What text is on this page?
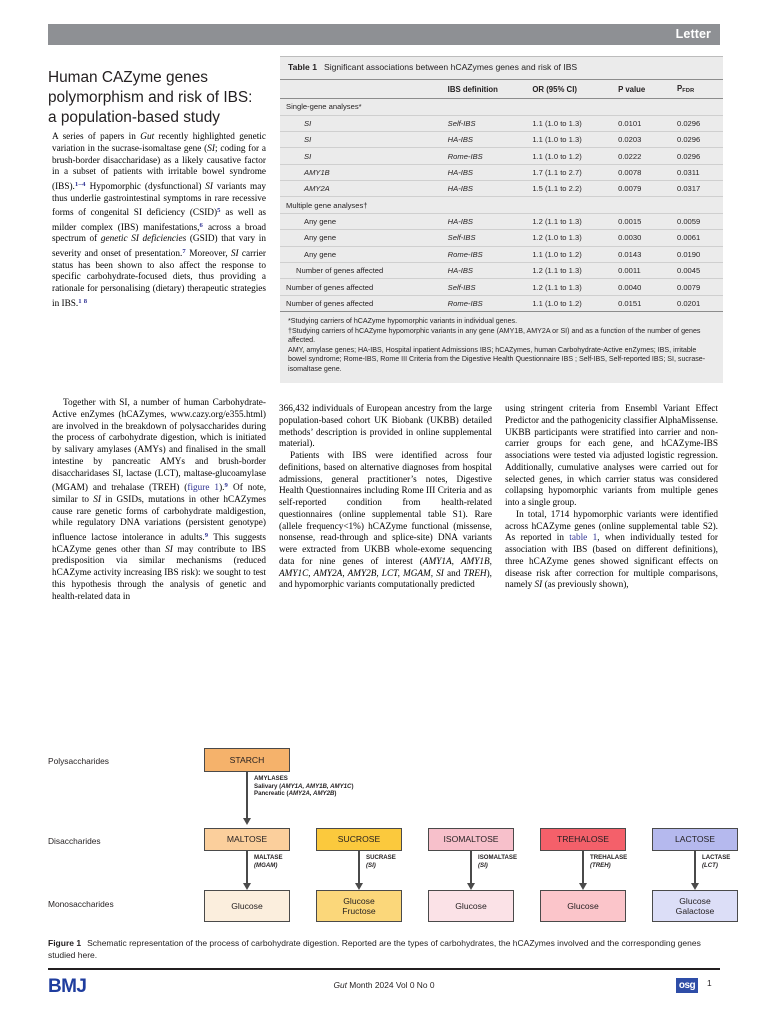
Letter
Human CAZyme genes polymorphism and risk of IBS: a population-based study
Table 1 Significant associations between hCAZymes genes and risk of IBS
	IBS definition	OR (95% CI)	P value	$P_{FDR}$
Single-gene analyses*				
SI	Self-IBS	1.1 (1.0 to 1.3)	0.0101	0.0296
SI	HA-IBS	1.1 (1.0 to 1.3)	0.0203	0.0296
SI	Rome-IBS	1.1 (1.0 to 1.2)	0.0222	0.0296
AMY1B	HA-IBS	1.7 (1.1 to 2.7)	0.0078	0.0311
AMY2A	HA-IBS	1.5 (1.1 to 2.2)	0.0079	0.0317
Multiple gene analyses†				
Any gene	HA-IBS	1.2 (1.1 to 1.3)	0.0015	0.0059
Any gene	Self-IBS	1.2 (1.0 to 1.3)	0.0030	0.0061
Any gene	Rome-IBS	1.1 (1.0 to 1.2)	0.0143	0.0190
Number of genes affected	HA-IBS	1.2 (1.1 to 1.3)	0.0011	0.0045
Number of genes affected	Self-IBS	1.2 (1.1 to 1.3)	0.0040	0.0079
Number of genes affected	Rome-IBS	1.1 (1.0 to 1.2)	0.0151	0.0201

*Studying carriers of hCAZyme hypomorphic variants in individual genes.

†Studying carriers of hCAZyme hypomorphic variants in any gene (AMY1B, AMY2A or SI) and as a function of the number of genes affected.

AMY, amylase genes; HA-IBS, Hospital inpatient Admissions IBS; hCAZymes, human Carbohydrate-Active enZymes; IBS, irritable bowel syndrome; Rome-IBS, Rome III Criteria from the Digestive Health Questionnaire IBS ; Self-IBS, Self-reported IBS; SI, sucrase-isomaltase gene.

A series of papers in Gut recently highlighted genetic variation in the sucrase-isomaltase gene (SI; coding for a brush-border disaccharidase) as a likely causative factor in a subset of patients with irritable bowel syndrome (IBS).$^{1-4}$ Hypomorphic (dysfunctional) SI variants may thus underlie gastrointestinal symptoms in rare recessive forms of congenital SI deficiency (CSID)$^5$ as well as milder complex (IBS) manifestations,$^6$ across a broad spectrum of genetic SI deficiencies (GSID) that vary in severity and onset of presentation.$^7$ Moreover, SI carrier status has been shown to also affect the response to specific carbohydrate-focused diets, thus providing a rationale for personalising (dietary) therapeutic strategies in IBS.$^{1 8}$

Together with SI, a number of human Carbohydrate-Active enZymes (hCAZymes, www.cazy.org/e355.html) are involved in the breakdown of polysaccharides during the process of carbohydrate digestion, which is initiated by salivary amylases (AMYs) and finalised in the small intestine by pancreatic AMYs and brush-border disaccharidases SI, lactase (LCT), maltase-glucoamylase (MGAM) and trehalase (TREH) (figure 1).$^9$ Of note, similar to SI in GSIDs, mutations in other hCAZymes cause rare genetic forms of carbohydrate maldigestion, while regulatory DNA variations (persistent genotype) influence lactose intolerance in adults.$^9$ This suggests hCAZyme genes other than SI may contribute to IBS predisposition via similar mechanisms (reduced hCAZyme activity increasing IBS risk): we sought to test this hypothesis through the analysis of genetic and health-related data in

366,432 individuals of European ancestry from the large population-based cohort UK Biobank (UKBB) detailed methods’ description is provided in online supplemental material).

Patients with IBS were identified across four definitions, based on alternative diagnoses from hospital admissions, general practitioner’s notes, Digestive Health Questionnaires including Rome III Criteria and as self-reported condition from health-related questionnaires (online supplemental table S1). Rare (allele frequency<1%) hCAZyme functional (missense, nonsense, read-through and splice-site) DNA variants were extracted from UKBB whole-exome sequencing data for nine genes of interest (AMY1A, AMY1B, AMY1C, AMY2A, AMY2B, LCT, MGAM, SI and TREH), and hypomorphic variants computationally predicted

using stringent criteria from Ensembl Variant Effect Predictor and the pathogenicity classifier AlphaMissense. UKBB participants were stratified into carrier and non-carrier groups for each gene, and hCAZyme-IBS associations were tested via adjusted logistic regression. Additionally, cumulative analyses were carried out for selected genes, in which carrier status was considered collapsing hypomorphic variants from multiple genes into a single group.

In total, 1714 hypomorphic variants were identified across hCAZyme genes (online supplemental table S2). As reported in table 1, when individually tested for association with IBS (based on different definitions), three hCAZyme genes showed significant effects on disease risk after correction for multiple comparisons, namely SI (as previously shown),

Polysaccharides
Disaccharides
Monosaccharides
STARCH
AMYLASES
Salivary (AMY1A, AMY1B, AMY1C)
Pancreatic (AMY2A, AMY2B)
MALTOSE	SUCROSE	ISOMALTOSE	TREHALOSE	LACTOSE
MALTASE
(MGAM)
SUCRASE
(SI)
ISOMALTASE
(SI)
TREHALASE
(TREH)
LACTASE
(LCT)
Glucose
Glucose
Fructose
Glucose	Glucose
Glucose
Galactose
Figure 1 Schematic representation of the process of carbohydrate digestion. Reported are the types of carbohydrates, the hCAZymes involved and the corresponding genes studied here.
BMJ	Gut Month 2024 Vol 0 No 0	osg	1
